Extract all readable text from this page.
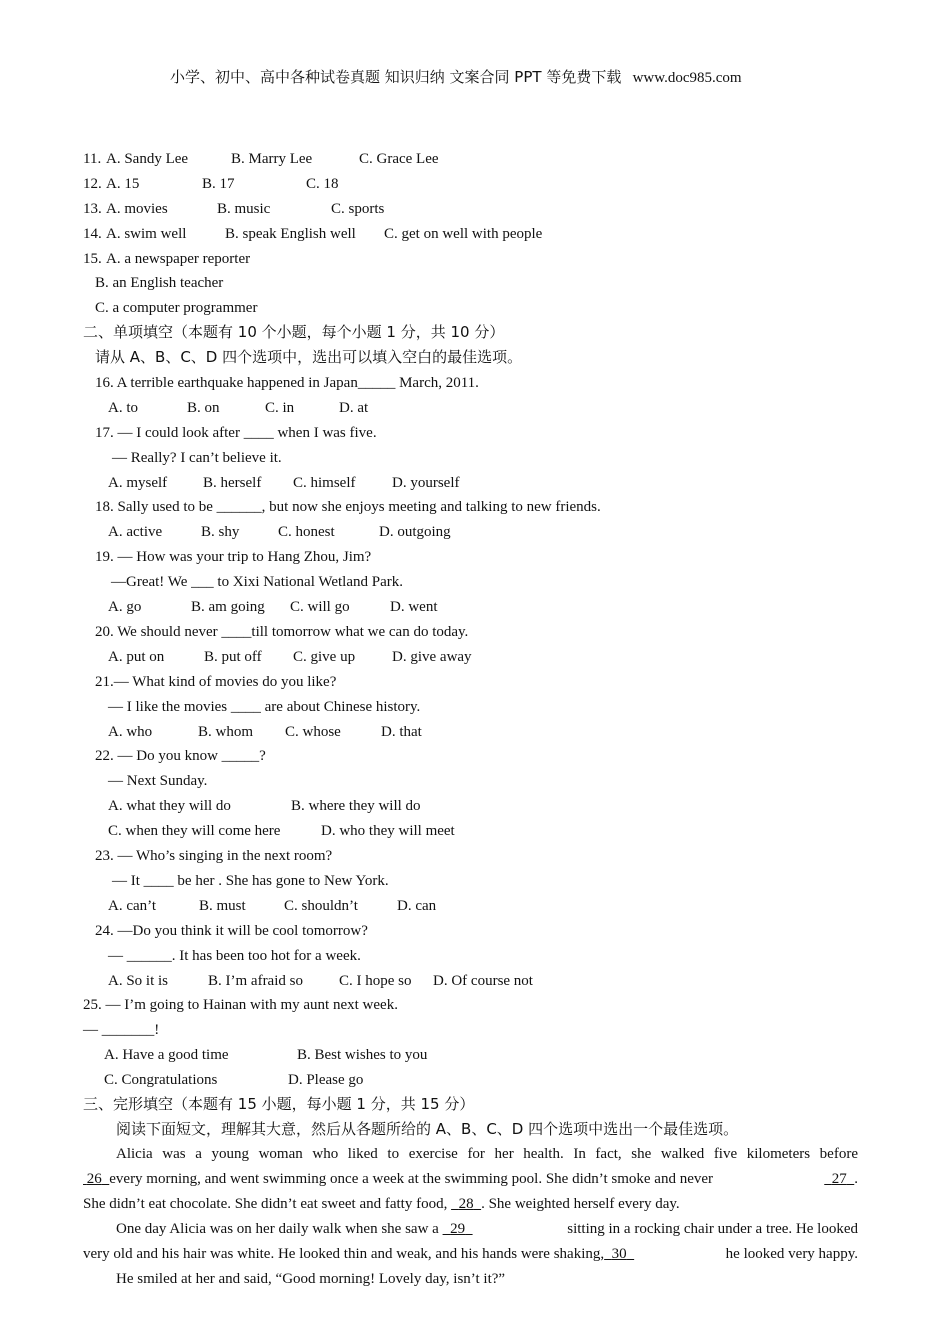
小学、初中、高中各种试卷真题 知识归纳 文案合同 PPT 等免费下载 www.doc985.com
11. A. Sandy Lee	B. Marry Lee	C. Grace Lee
12. A. 15	B. 17	C. 18
13. A. movies	B. music	C. sports
14. A. swim well	B. speak English well C. get on well with people
15. A. a newspaper reporter
B. an English teacher
C. a computer programmer
二、单项填空（本题有 10 个小题，每个小题 1 分，共 10 分）
请从 A、B、C、D 四个选项中，选出可以填入空白的最佳选项。
16. A terrible earthquake happened in Japan_____ March, 2011.
A. to	B. on	C. in	D. at
17. — I could look after ____ when I was five.
— Really? I can’t believe it.
A. myself B. herself C. himself D. yourself
18. Sally used to be ______, but now she enjoys meeting and talking to new friends.
A. active	B. shy	C. honest	D. outgoing
19. — How was your trip to Hang Zhou, Jim?
—Great! We ___ to Xixi National Wetland Park.
A. go	B. am going C. will go	D. went
20. We should never ____till tomorrow what we can do today.
A. put on	B. put off C. give up D. give away
21.— What kind of movies do you like?
— I like the movies ____ are about Chinese history.
A. who	B. whom C. whose	D. that
22. — Do you know _____?
— Next Sunday.
A. what they will do	B. where they will do
C. when they will come here	D. who they will meet
23. — Who’s singing in the next room?
— It ____ be her . She has gone to New York.
A. can’t	B. must	C. shouldn’t	D. can
24. —Do you think it will be cool tomorrow?
— ______. It has been too hot for a week.
A. So it is	B. I’m afraid so C. I hope so D. Of course not
25. — I’m going to Hainan with my aunt next week.
— _______!
A. Have a good time	B. Best wishes to you
C. Congratulations	D. Please go
三、完形填空（本题有 15 小题，每小题 1 分，共 15 分）
阅读下面短文，理解其大意，然后从各题所给的 A、B、C、D 四个选项中选出一个最佳选项。
Alicia was a young woman who liked to exercise for her health. In fact, she walked five kilometers before
26 every morning, and went swimming once a week at the swimming pool. She didn’t smoke and never	27 .
She didn’t eat chocolate. She didn’t eat sweet and fatty food, 28 . She weighted herself every day.
One day Alicia was on her daily walk when she saw a 29	sitting in a rocking chair under a tree. He looked
very old and his hair was white. He looked thin and weak, and his hands were shaking, 30	he looked very happy.
He smiled at her and said, “Good morning! Lovely day, isn’t it?”
